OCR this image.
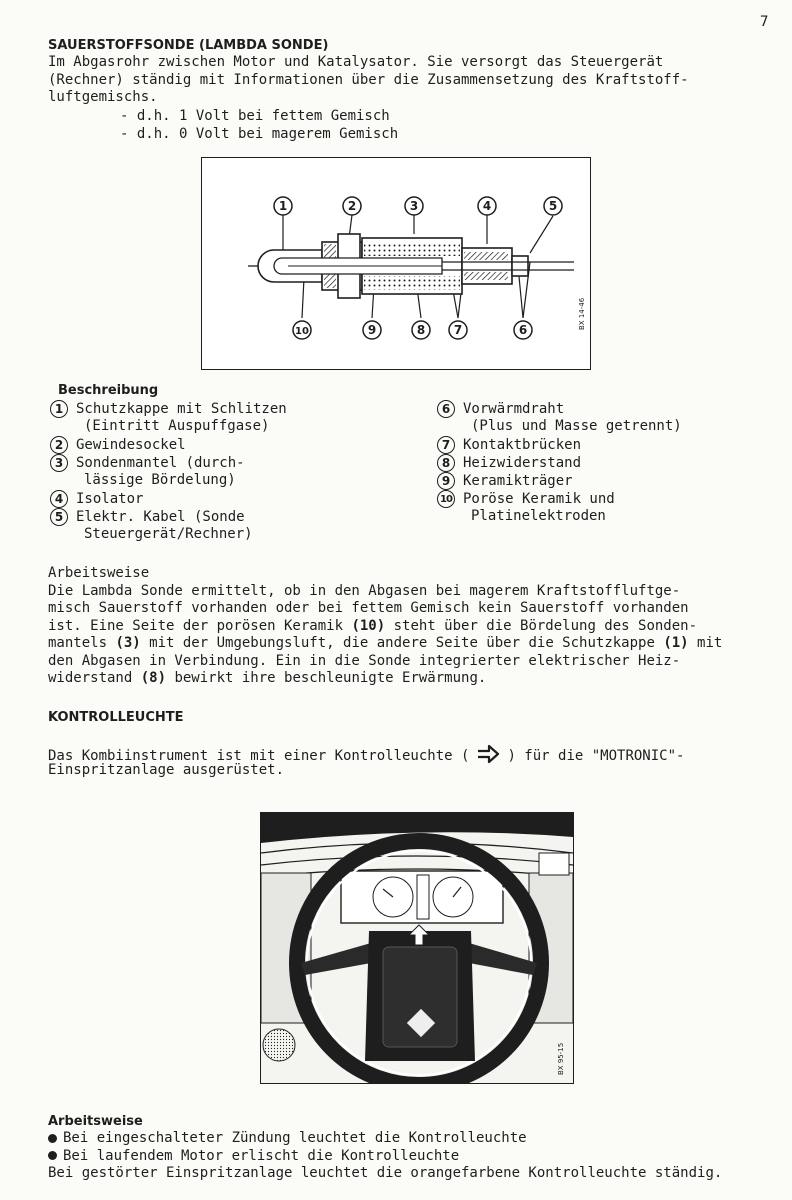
7
SAUERSTOFFSONDE (LAMBDA SONDE)
Im Abgasrohr zwischen Motor und Katalysator. Sie versorgt das Steuergerät
(Rechner) ständig mit Informationen über die Zusammensetzung des Kraftstoff-
luftgemischs.
- d.h. 1 Volt bei fettem Gemisch
- d.h. 0 Volt bei magerem Gemisch
1	2	3	4	5
10	9	8 7	6	BX 14-46
Beschreibung
1 Schutzkappe mit Schlitzen
(Eintritt Auspuffgase)
2 Gewindesockel
3 Sondenmantel (durch-
lässige Bördelung)
4 Isolator
5 Elektr. Kabel (Sonde
Steuergerät/Rechner)
6 Vorwärmdraht
(Plus und Masse getrennt)
7 Kontaktbrücken
8 Heizwiderstand
9 Keramikträger
10 Poröse Keramik und
Platinelektroden
Arbeitsweise
Die Lambda Sonde ermittelt, ob in den Abgasen bei magerem Kraftstoffluftge-
misch Sauerstoff vorhanden oder bei fettem Gemisch kein Sauerstoff vorhanden
ist. Eine Seite der porösen Keramik (10) steht über die Bördelung des Sonden-
mantels (3) mit der Umgebungsluft, die andere Seite über die Schutzkappe (1) mit
den Abgasen in Verbindung. Ein in die Sonde integrierter elektrischer Heiz-
widerstand (8) bewirkt ihre beschleunigte Erwärmung.
KONTROLLEUCHTE
Das Kombiinstrument ist mit einer Kontrolleuchte (	) für die "MOTRONIC"-
Einspritzanlage ausgerüstet.
BX 95-15
Arbeitsweise
Bei eingeschalteter Zündung leuchtet die Kontrolleuchte
Bei laufendem Motor erlischt die Kontrolleuchte
Bei gestörter Einspritzanlage leuchtet die orangefarbene Kontrolleuchte ständig.
